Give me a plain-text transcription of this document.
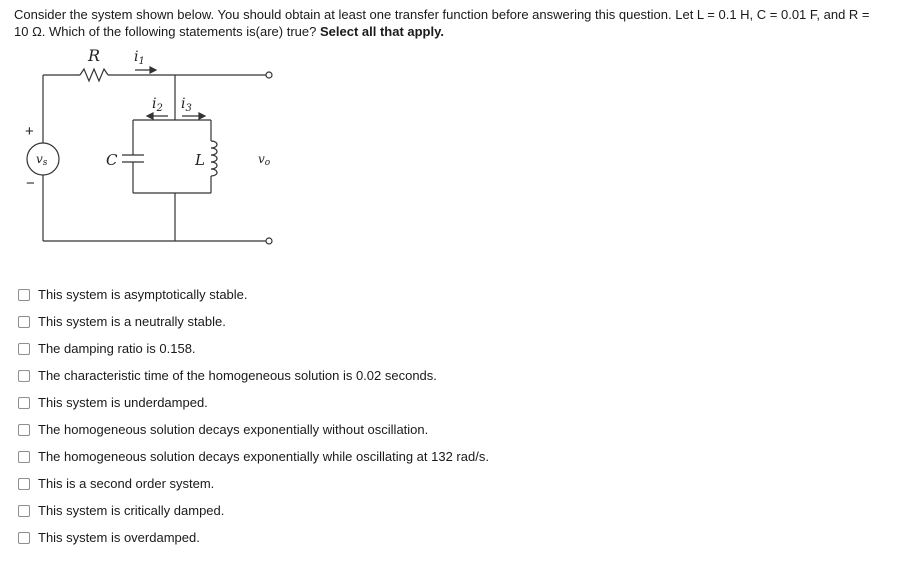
Consider the system shown below. You should obtain at least one transfer function before answering this question. Let L = 0.1 H, C = 0.01 F, and R = 10 Ω. Which of the following statements is(are) true? Select all that apply.

R $i_1$
$i_2$ $i_3$
C	L
vs	vo
+
−
This system is asymptotically stable.
This system is a neutrally stable.
The damping ratio is 0.158.
The characteristic time of the homogeneous solution is 0.02 seconds.
This system is underdamped.
The homogeneous solution decays exponentially without oscillation.
The homogeneous solution decays exponentially while oscillating at 132 rad/s.
This is a second order system.
This system is critically damped.
This system is overdamped.
